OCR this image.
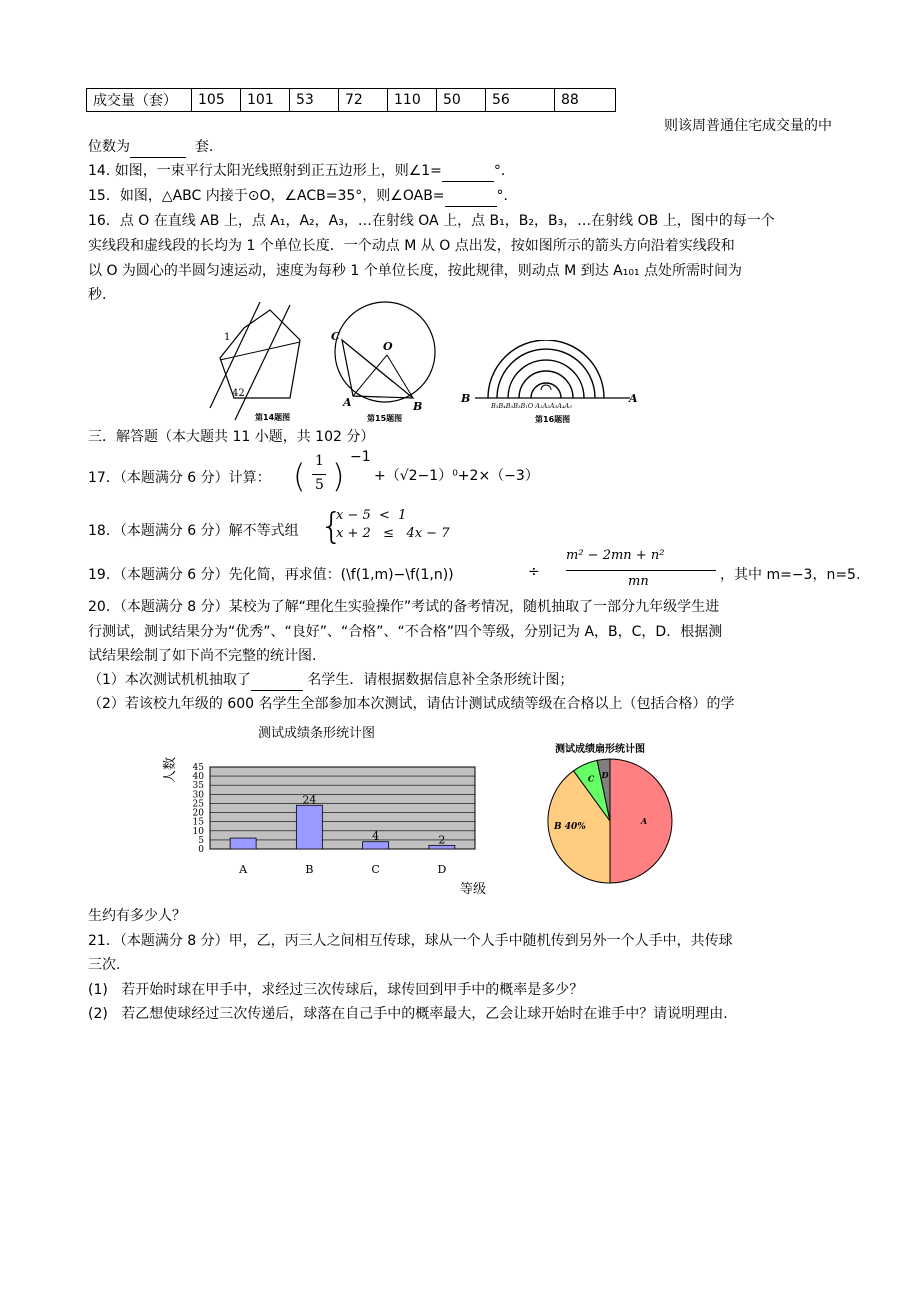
成交量（套）	105	101	53	72	110	50	56	88
则该周普通住宅成交量的中
位数为	套.
14. 如图，一束平行太阳光线照射到正五边形上，则∠1=	°．
15．如图，△ABC 内接于⊙O，∠ACB=35°，则∠OAB=	°．
16．点 O 在直线 AB 上，点 A₁，A₂，A₃，…在射线 OA 上，点 B₁，B₂，B₃，…在射线 OB 上，图中的每一个
实线段和虚线段的长均为 1 个单位长度．一个动点 M 从 O 点出发，按如图所示的箭头方向沿着实线段和
以 O 为圆心的半圆匀速运动，速度为每秒 1 个单位长度，按此规律，则动点 M 到达 A₁₀₁ 点处所需时间为
秒.
1
42
第14题图
C
O
A	B
第15题图
B	A
B₅B₄B₃B₂B₁O A₁A₂A₃A₄A₅
第16题图
三．解答题（本大题共 11 小题，共 102 分）
17．（本题满分 6 分）计算： ( 1
5 ) −1
+（√2−1）⁰+2×（−3）
18．（本题满分 6 分）解不等式组 {
x − 5  <  1
x + 2   ≤   4x − 7
19．（本题满分 6 分）先化简，再求值：(\f(1,m)−\f(1,n))	÷
m² − 2mn + n²
mn	，其中 m=−3，n=5.
20．（本题满分 8 分）某校为了解“理化生实验操作”考试的备考情况，随机抽取了一部分九年级学生进
行测试，测试结果分为“优秀”、“良好”、“合格”、“不合格”四个等级，分别记为 A，B，C，D．根据测
试结果绘制了如下尚不完整的统计图.
（1）本次测试机机抽取了	名学生．请根据数据信息补全条形统计图；
（2）若该校九年级的 600 名学生全部参加本次测试，请估计测试成绩等级在合格以上（包括合格）的学
测试成绩条形统计图
测试成绩扇形统计图
0
5
10
15
20
25
30
35
40
45
24
4	2
A	B	C	D
人数
等级
A
C D
B 40%
生约有多少人？
21．（本题满分 8 分）甲，乙，丙三人之间相互传球，球从一个人手中随机传到另外一个人手中，共传球
三次.
(1) 若开始时球在甲手中，求经过三次传球后，球传回到甲手中的概率是多少？
(2) 若乙想使球经过三次传递后，球落在自己手中的概率最大，乙会让球开始时在谁手中？请说明理由.
